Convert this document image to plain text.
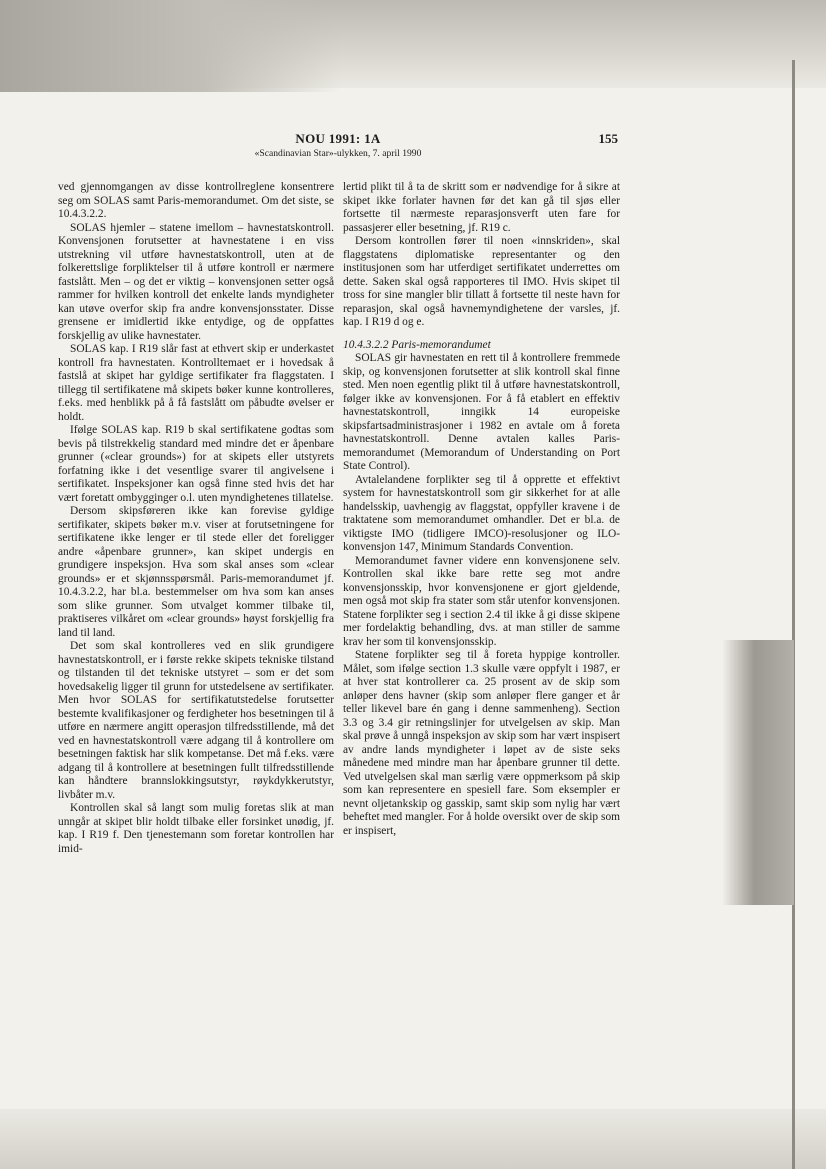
NOU 1991: 1A
«Scandinavian Star»-ulykken, 7. april 1990
155

ved gjennomgangen av disse kontrollreglene konsentrere seg om SOLAS samt Paris-memorandumet. Om det siste, se 10.4.3.2.2.

SOLAS hjemler – statene imellom – havnestatskontroll. Konvensjonen forutsetter at havnestatene i en viss utstrekning vil utføre havnestatskontroll, uten at de folkerettslige forpliktelser til å utføre kontroll er nærmere fastslått. Men – og det er viktig – konvensjonen setter også rammer for hvilken kontroll det enkelte lands myndigheter kan utøve overfor skip fra andre konvensjonsstater. Disse grensene er imidlertid ikke entydige, og de oppfattes forskjellig av ulike havnestater.

SOLAS kap. I R19 slår fast at ethvert skip er underkastet kontroll fra havnestaten. Kontrolltemaet er i hovedsak å fastslå at skipet har gyldige sertifikater fra flaggstaten. I tillegg til sertifikatene må skipets bøker kunne kontrolleres, f.eks. med henblikk på å få fastslått om påbudte øvelser er holdt.

Ifølge SOLAS kap. R19 b skal sertifikatene godtas som bevis på tilstrekkelig standard med mindre det er åpenbare grunner («clear grounds») for at skipets eller utstyrets forfatning ikke i det vesentlige svarer til angivelsene i sertifikatet. Inspeksjoner kan også finne sted hvis det har vært foretatt ombygginger o.l. uten myndighetenes tillatelse.

Dersom skipsføreren ikke kan forevise gyldige sertifikater, skipets bøker m.v. viser at forutsetningene for sertifikatene ikke lenger er til stede eller det foreligger andre «åpenbare grunner», kan skipet undergis en grundigere inspeksjon. Hva som skal anses som «clear grounds» er et skjønnsspørsmål. Paris-memorandumet jf. 10.4.3.2.2, har bl.a. bestemmelser om hva som kan anses som slike grunner. Som utvalget kommer tilbake til, praktiseres vilkåret om «clear grounds» høyst forskjellig fra land til land.

Det som skal kontrolleres ved en slik grundigere havnestatskontroll, er i første rekke skipets tekniske tilstand og tilstanden til det tekniske utstyret – som er det som hovedsakelig ligger til grunn for utstedelsene av sertifikater. Men hvor SOLAS for sertifikatutstedelse forutsetter bestemte kvalifikasjoner og ferdigheter hos besetningen til å utføre en nærmere angitt operasjon tilfredsstillende, må det ved en havnestatskontroll være adgang til å kontrollere om besetningen faktisk har slik kompetanse. Det må f.eks. være adgang til å kontrollere at besetningen fullt tilfredsstillende kan håndtere brannslokkingsutstyr, røykdykkerutstyr, livbåter m.v.

Kontrollen skal så langt som mulig foretas slik at man unngår at skipet blir holdt tilbake eller forsinket unødig, jf. kap. I R19 f. Den tjenestemann som foretar kontrollen har imid-

lertid plikt til å ta de skritt som er nødvendige for å sikre at skipet ikke forlater havnen før det kan gå til sjøs eller fortsette til nærmeste reparasjonsverft uten fare for passasjerer eller besetning, jf. R19 c.

Dersom kontrollen fører til noen «innskriden», skal flaggstatens diplomatiske representanter og den institusjonen som har utferdiget sertifikatet underrettes om dette. Saken skal også rapporteres til IMO. Hvis skipet til tross for sine mangler blir tillatt å fortsette til neste havn for reparasjon, skal også havnemyndighetene der varsles, jf. kap. I R19 d og e.

10.4.3.2.2 Paris-memorandumet

SOLAS gir havnestaten en rett til å kontrollere fremmede skip, og konvensjonen forutsetter at slik kontroll skal finne sted. Men noen egentlig plikt til å utføre havnestatskontroll, følger ikke av konvensjonen. For å få etablert en effektiv havnestatskontroll, inngikk 14 europeiske skipsfartsadministrasjoner i 1982 en avtale om å foreta havnestatskontroll. Denne avtalen kalles Paris- memorandumet (Memorandum of Understanding on Port State Control).

Avtalelandene forplikter seg til å opprette et effektivt system for havnestatskontroll som gir sikkerhet for at alle handelsskip, uavhengig av flaggstat, oppfyller kravene i de traktatene som memorandumet omhandler. Det er bl.a. de viktigste IMO (tidligere IMCO)-resolusjoner og ILO-konvensjon 147, Minimum Standards Convention.

Memorandumet favner videre enn konvensjonene selv. Kontrollen skal ikke bare rette seg mot andre konvensjonsskip, hvor konvensjonene er gjort gjeldende, men også mot skip fra stater som står utenfor konvensjonen. Statene forplikter seg i section 2.4 til ikke å gi disse skipene mer fordelaktig behandling, dvs. at man stiller de samme krav her som til konvensjonsskip.

Statene forplikter seg til å foreta hyppige kontroller. Målet, som ifølge section 1.3 skulle være oppfylt i 1987, er at hver stat kontrollerer ca. 25 prosent av de skip som anløper dens havner (skip som anløper flere ganger et år teller likevel bare én gang i denne sammenheng). Section 3.3 og 3.4 gir retningslinjer for utvelgelsen av skip. Man skal prøve å unngå inspeksjon av skip som har vært inspisert av andre lands myndigheter i løpet av de siste seks månedene med mindre man har åpenbare grunner til dette. Ved utvelgelsen skal man særlig være oppmerksom på skip som kan representere en spesiell fare. Som eksempler er nevnt oljetankskip og gasskip, samt skip som nylig har vært beheftet med mangler. For å holde oversikt over de skip som er inspisert,
